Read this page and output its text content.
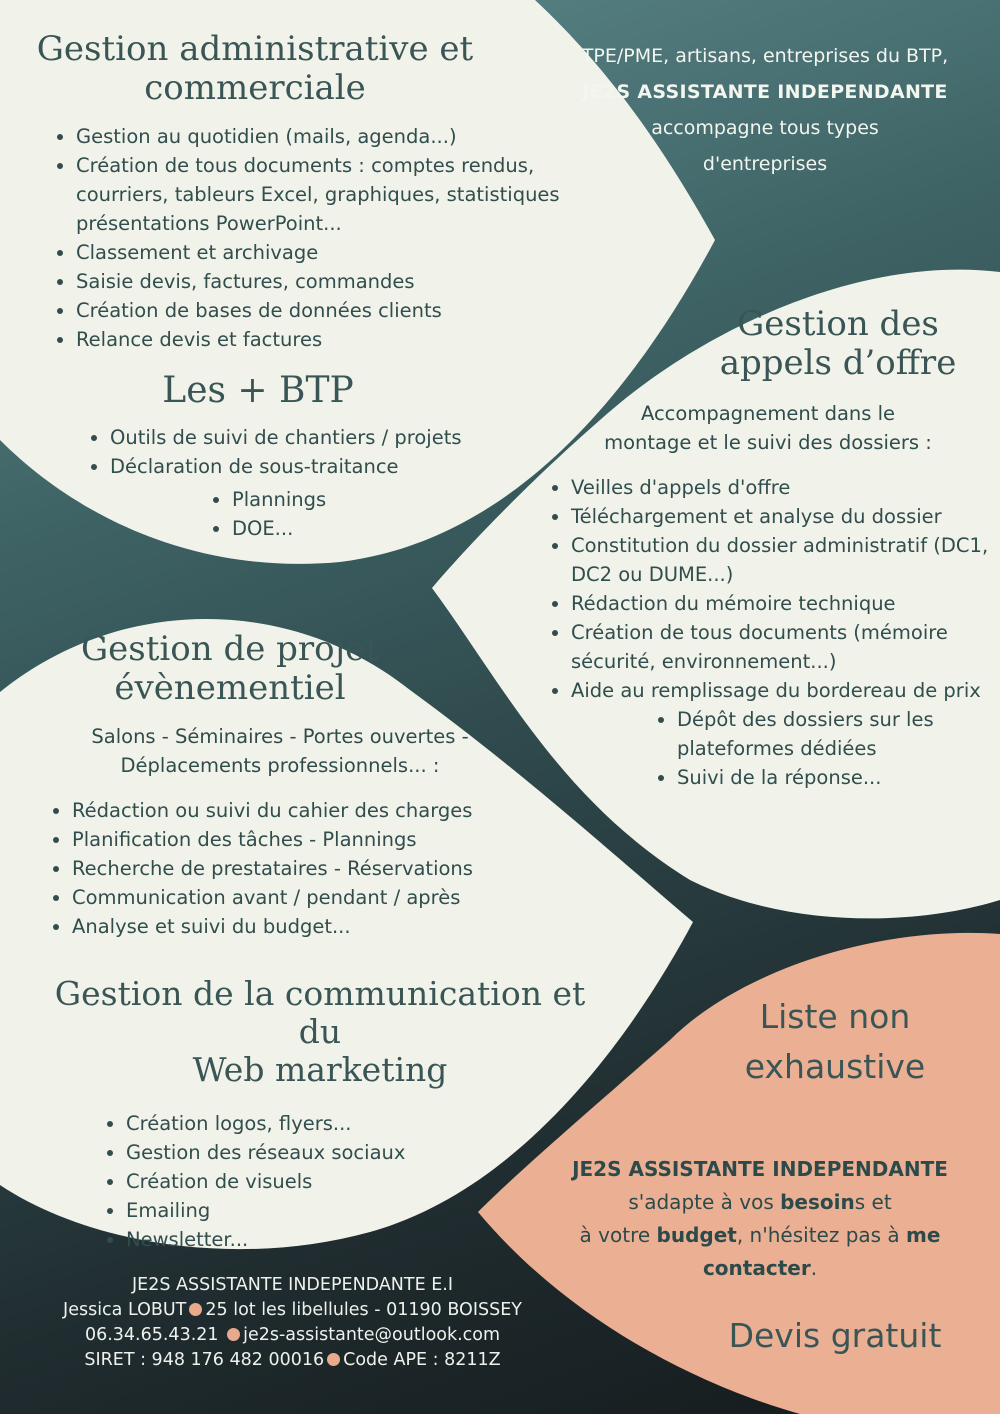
TPE/PME, artisans, entreprises du BTP,
JE2S ASSISTANTE INDEPENDANTE
accompagne tous types
d'entreprises
Gestion administrative et
commerciale
• Gestion au quotidien (mails, agenda...)
• Création de tous documents : comptes rendus, courriers, tableurs Excel, graphiques, statistiques présentations PowerPoint...
• Classement et archivage
• Saisie devis, factures, commandes
• Création de bases de données clients
• Relance devis et factures
Les + BTP
• Outils de suivi de chantiers / projets
• Déclaration de sous-traitance
• Plannings
• DOE...
Gestion des
appels d’offre
Accompagnement dans le
montage et le suivi des dossiers :
• Veilles d'appels d'offre
• Téléchargement et analyse du dossier
• Constitution du dossier administratif (DC1, DC2 ou DUME...)
• Rédaction du mémoire technique
• Création de tous documents (mémoire sécurité, environnement...)
• Aide au remplissage du bordereau de prix
• Dépôt des dossiers sur les plateformes dédiées
• Suivi de la réponse...
Gestion de projet
évènementiel
Salons - Séminaires - Portes ouvertes -
Déplacements professionnels... :
• Rédaction ou suivi du cahier des charges
• Planification des tâches - Plannings
• Recherche de prestataires - Réservations
• Communication avant / pendant / après
• Analyse et suivi du budget...
Gestion de la communication et du
Web marketing
• Création logos, flyers...
• Gestion des réseaux sociaux
• Création de visuels
• Emailing
• Newsletter...
Liste non
exhaustive
JE2S ASSISTANTE INDEPENDANTE
s'adapte à vos besoins et
à votre budget, n'hésitez pas à me
contacter.
Devis gratuit
JE2S ASSISTANTE INDEPENDANTE E.I
Jessica LOBUT 25 lot les libellules - 01190 BOISSEY
06.34.65.43.21 je2s-assistante@outlook.com
SIRET : 948 176 482 00016 Code APE : 8211Z
